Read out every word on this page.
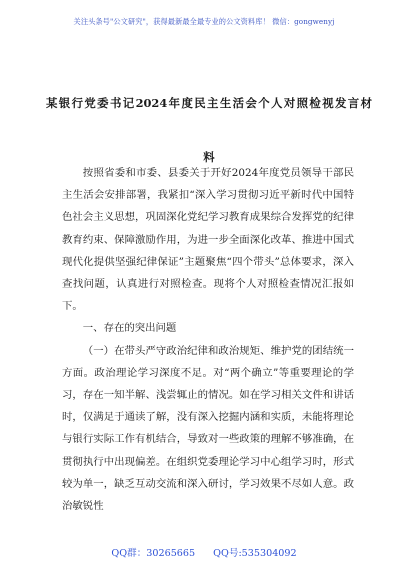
关注头条号"公文研究"，获得最新最全最专业的公文资料库！ 微信：gongwenyj
某银行党委书记2024年度民主生活会个人对照检视发言材
料

按照省委和市委、县委关于开好2024年度党员领导干部民主生活会安排部署，我紧扣“深入学习贯彻习近平新时代中国特色社会主义思想，巩固深化党纪学习教育成果综合发挥党的纪律教育约束、保障激励作用，为进一步全面深化改革、推进中国式现代化提供坚强纪律保证”主题聚焦“四个带头”总体要求，深入查找问题，认真进行对照检查。现将个人对照检查情况汇报如下。

一、存在的突出问题

（一）在带头严守政治纪律和政治规矩、维护党的团结统一方面。政治理论学习深度不足。对“两个确立”等重要理论的学习，存在一知半解、浅尝辄止的情况。如在学习相关文件和讲话时，仅满足于通读了解，没有深入挖掘内涵和实质，未能将理论与银行实际工作有机结合，导致对一些政策的理解不够准确，在贯彻执行中出现偏差。在组织党委理论学习中心组学习时，形式较为单一，缺乏互动交流和深入研讨，学习效果不尽如人意。政治敏锐性

QQ群：30265665 QQ号:535304092
